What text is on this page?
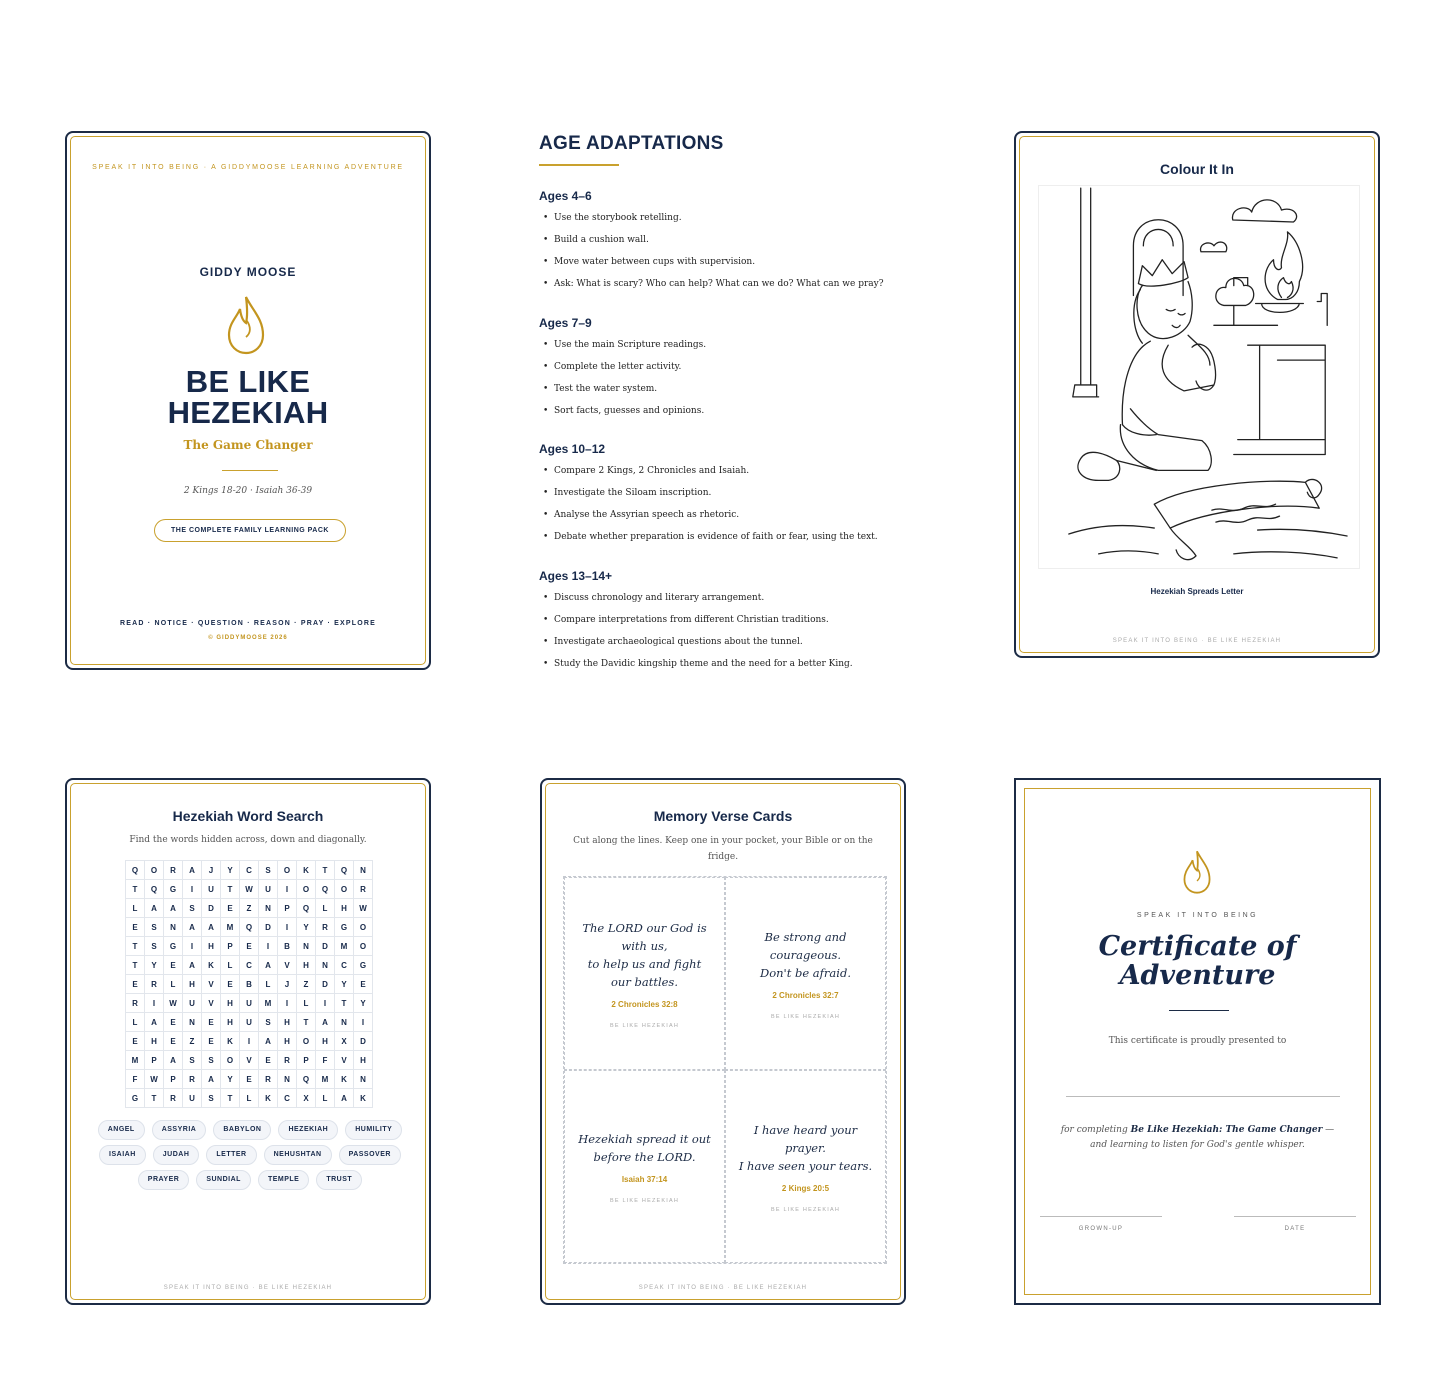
SPEAK IT INTO BEING · A GIDDYMOOSE LEARNING ADVENTURE
GIDDY MOOSE
BE LIKE
HEZEKIAH
The Game Changer
2 Kings 18-20 · Isaiah 36-39
THE COMPLETE FAMILY LEARNING PACK
READ · NOTICE · QUESTION · REASON · PRAY · EXPLORE
© GIDDYMOOSE 2026
AGE ADAPTATIONS
Ages 4–6
• Use the storybook retelling.
• Build a cushion wall.
• Move water between cups with supervision.
• Ask: What is scary? Who can help? What can we do? What can we pray?
Ages 7–9
• Use the main Scripture readings.
• Complete the letter activity.
• Test the water system.
• Sort facts, guesses and opinions.
Ages 10–12
• Compare 2 Kings, 2 Chronicles and Isaiah.
• Investigate the Siloam inscription.
• Analyse the Assyrian speech as rhetoric.
• Debate whether preparation is evidence of faith or fear, using the text.
Ages 13–14+
• Discuss chronology and literary arrangement.
• Compare interpretations from different Christian traditions.
• Investigate archaeological questions about the tunnel.
• Study the Davidic kingship theme and the need for a better King.
Colour It In
Hezekiah Spreads Letter
SPEAK IT INTO BEING · BE LIKE HEZEKIAH
Hezekiah Word Search
Find the words hidden across, down and diagonally.
Q	O	R	A	J	Y	C	S	O	K	T	Q	N
T	Q	G	I	U	T	W	U	I	O	Q	O	R
L	A	A	S	D	E	Z	N	P	Q	L	H	W
E	S	N	A	A	M	Q	D	I	Y	R	G	O
T	S	G	I	H	P	E	I	B	N	D	M	O
T	Y	E	A	K	L	C	A	V	H	N	C	G
E	R	L	H	V	E	B	L	J	Z	D	Y	E
R	I	W	U	V	H	U	M	I	L	I	T	Y
L	A	E	N	E	H	U	S	H	T	A	N	I
E	H	E	Z	E	K	I	A	H	O	H	X	D
M	P	A	S	S	O	V	E	R	P	F	V	H
F	W	P	R	A	Y	E	R	N	Q	M	K	N
G	T	R	U	S	T	L	K	C	X	L	A	K
ANGEL	ASSYRIA	BABYLON	HEZEKIAH	HUMILITY
ISAIAH	JUDAH	LETTER	NEHUSHTAN	PASSOVER
PRAYER	SUNDIAL	TEMPLE	TRUST
SPEAK IT INTO BEING · BE LIKE HEZEKIAH
Memory Verse Cards
Cut along the lines. Keep one in your pocket, your Bible or on the fridge.
The LORD our God is with us,
to help us and fight our battles.
2 Chronicles 32:8
BE LIKE HEZEKIAH
Be strong and courageous.
Don't be afraid.
2 Chronicles 32:7
BE LIKE HEZEKIAH
Hezekiah spread it out before the LORD.
Isaiah 37:14
BE LIKE HEZEKIAH
I have heard your prayer.
I have seen your tears.
2 Kings 20:5
BE LIKE HEZEKIAH
SPEAK IT INTO BEING · BE LIKE HEZEKIAH
SPEAK IT INTO BEING
Certificate of
Adventure
This certificate is proudly presented to
for completing Be Like Hezekiah: The Game Changer —
and learning to listen for God's gentle whisper.
GROWN-UP	DATE
